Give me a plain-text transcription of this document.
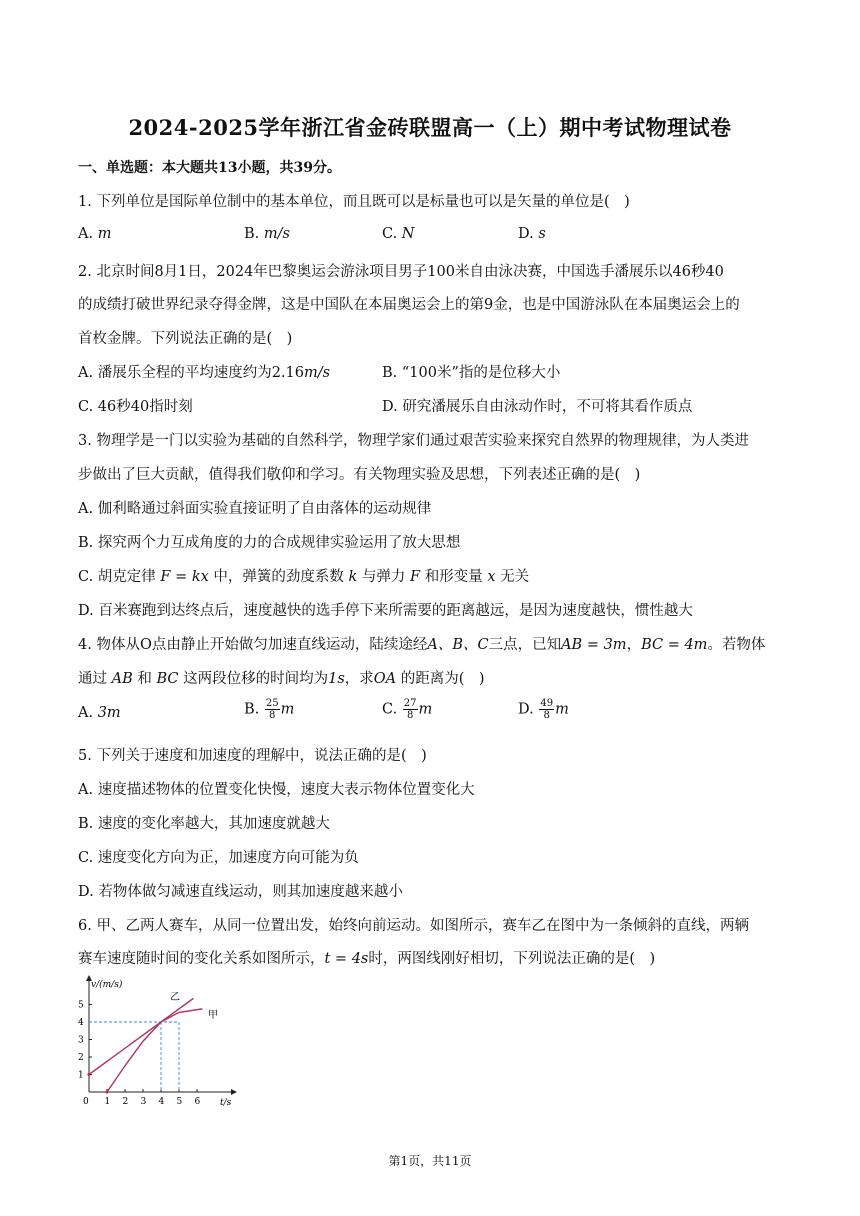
2024-2025学年浙江省金砖联盟高一（上）期中考试物理试卷
一、单选题：本大题共13小题，共39分。
1. 下列单位是国际单位制中的基本单位，而且既可以是标量也可以是矢量的单位是(　)
A. m	B. m/s	C. N	D. s
2. 北京时间8月1日，2024年巴黎奥运会游泳项目男子100米自由泳决赛，中国选手潘展乐以46秒40
的成绩打破世界纪录夺得金牌，这是中国队在本届奥运会上的第9金，也是中国游泳队在本届奥运会上的
首枚金牌。下列说法正确的是(　)
A. 潘展乐全程的平均速度约为2.16m/s	B. “100米”指的是位移大小
C. 46秒40指时刻	D. 研究潘展乐自由泳动作时，不可将其看作质点
3. 物理学是一门以实验为基础的自然科学，物理学家们通过艰苦实验来探究自然界的物理规律，为人类进
步做出了巨大贡献，值得我们敬仰和学习。有关物理实验及思想，下列表述正确的是(　)
A. 伽利略通过斜面实验直接证明了自由落体的运动规律
B. 探究两个力互成角度的力的合成规律实验运用了放大思想
C. 胡克定律 F = kx 中，弹簧的劲度系数 k 与弹力 F 和形变量 x 无关
D. 百米赛跑到达终点后，速度越快的选手停下来所需要的距离越远，是因为速度越快，惯性越大
4. 物体从O点由静止开始做匀加速直线运动，陆续途经A、B、C三点，已知AB = 3m，BC = 4m。若物体
通过 AB 和 BC 这两段位移的时间均为1s，求OA 的距离为(　)
A. 3m	B. $\frac{25}{8}$ m	C. $\frac{27}{8}$ m	D. $\frac{49}{8}$ m
5. 下列关于速度和加速度的理解中，说法正确的是(　)
A. 速度描述物体的位置变化快慢，速度大表示物体位置变化大
B. 速度的变化率越大，其加速度就越大
C. 速度变化方向为正，加速度方向可能为负
D. 若物体做匀减速直线运动，则其加速度越来越小
6. 甲、乙两人赛车，从同一位置出发，始终向前运动。如图所示，赛车乙在图中为一条倾斜的直线，两辆
赛车速度随时间的变化关系如图所示，t = 4s时，两图线刚好相切，下列说法正确的是(　)
v/(m/s)
t/s
1
2
3
4
5
0 1 2 3 4 5 6
乙
甲
第1页，共11页
